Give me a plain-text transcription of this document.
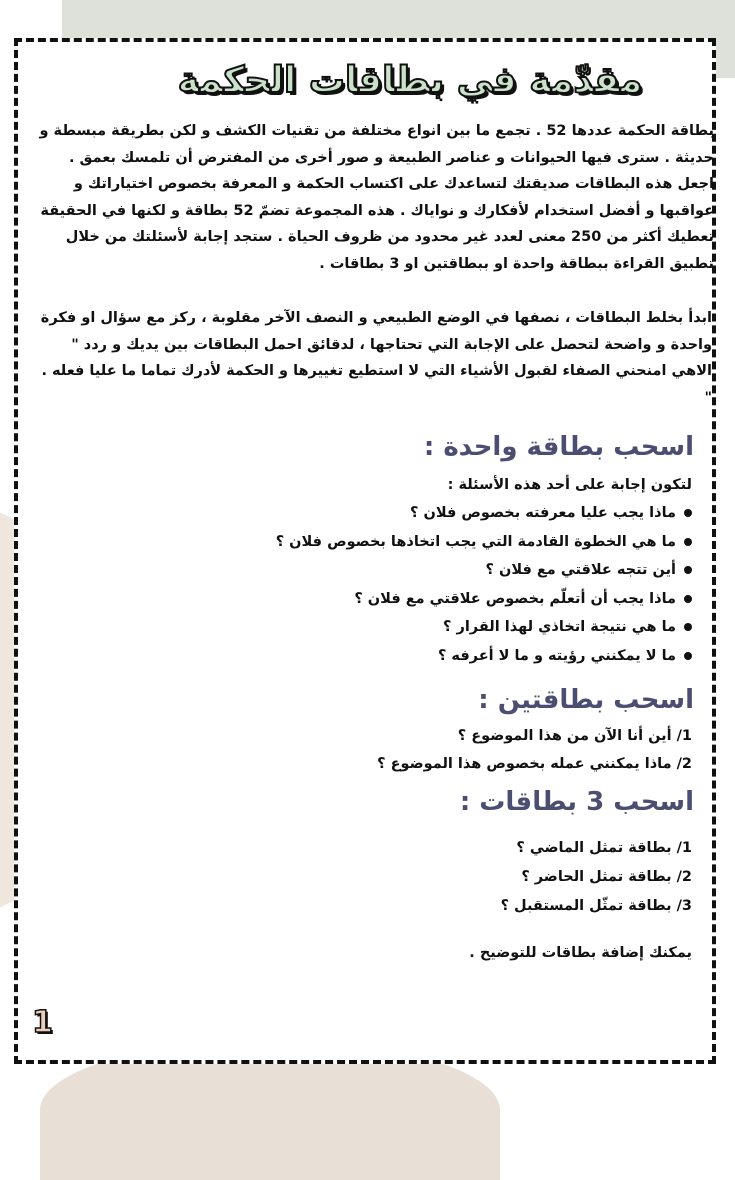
مقدّمة في بطاقات الحكمة

بطاقة الحكمة عددها 52 . تجمع ما بين انواع مختلفة من تقنيات الكشف و لكن بطريقة مبسطة و حديثة . سترى فيها الحيوانات و عناصر الطبيعة و صور أخرى من المفترض أن تلمسك بعمق . اجعل هذه البطاقات صديقتك لتساعدك على اكتساب الحكمة و المعرفة بخصوص اختياراتك و عواقبها و أفضل استخدام لأفكارك و نواياك . هذه المجموعة تضمّ 52 بطاقة و لكنها في الحقيقة تعطيك أكثر من 250 معنى لعدد غير محدود من ظروف الحياة . ستجد إجابة لأسئلتك من خلال تطبيق القراءة ببطاقة واحدة او ببطاقتين او 3 بطاقات .

ابدأ بخلط البطاقات ، نصفها في الوضع الطبيعي و النصف الآخر مقلوبة ، ركز مع سؤال او فكرة واحدة و واضحة لتحصل على الإجابة التي تحتاجها ، لدقائق احمل البطاقات بين يديك و ردد " الاهي امنحني الصفاء لقبول الأشياء التي لا استطيع تغييرها و الحكمة لأدرك تماما ما عليا فعله . "

اسحب بطاقة واحدة :

لتكون إجابة على أحد هذه الأسئلة :

ماذا يجب عليا معرفته بخصوص فلان ؟
ما هي الخطوة القادمة التي يجب اتخاذها بخصوص فلان ؟
أين تتجه علاقتي مع فلان ؟
ماذا يجب أن أتعلّم بخصوص علاقتي مع فلان ؟
ما هي نتيجة اتخاذي لهذا القرار ؟
ما لا يمكنني رؤيته و ما لا أعرفه ؟
اسحب بطاقتين :
1/ أين أنا الآن من هذا الموضوع ؟
2/ ماذا يمكنني عمله بخصوص هذا الموضوع ؟
اسحب 3 بطاقات :
1/ بطاقة تمثل الماضي ؟
2/ بطاقة تمثل الحاضر ؟
3/ بطاقة تمثّل المستقبل ؟

يمكنك إضافة بطاقات للتوضيح .

1
